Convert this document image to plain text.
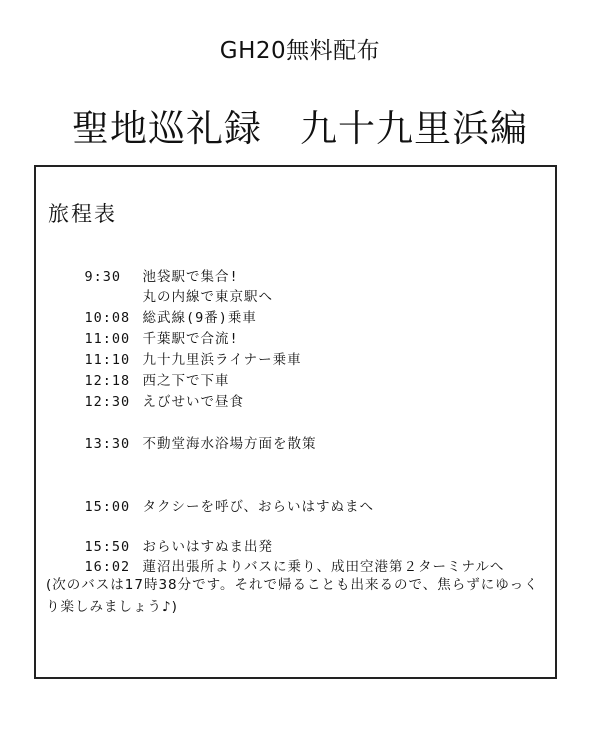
GH20無料配布
聖地巡礼録　九十九里浜編
旅程表

9:30 池袋駅で集合!

丸の内線で東京駅へ

10:08 総武線(9番)乗車

11:00 千葉駅で合流!

11:10 九十九里浜ライナー乗車

12:18 西之下で下車

12:30 えびせいで昼食

13:30 不動堂海水浴場方面を散策

15:00 タクシーを呼び、おらいはすぬまへ

15:50 おらいはすぬま出発

16:02 蓮沼出張所よりバスに乗り、成田空港第２ターミナルへ

(次のバスは17時38分です。それで帰ることも出来るので、焦らずにゆっくり楽しみましょう♪)
